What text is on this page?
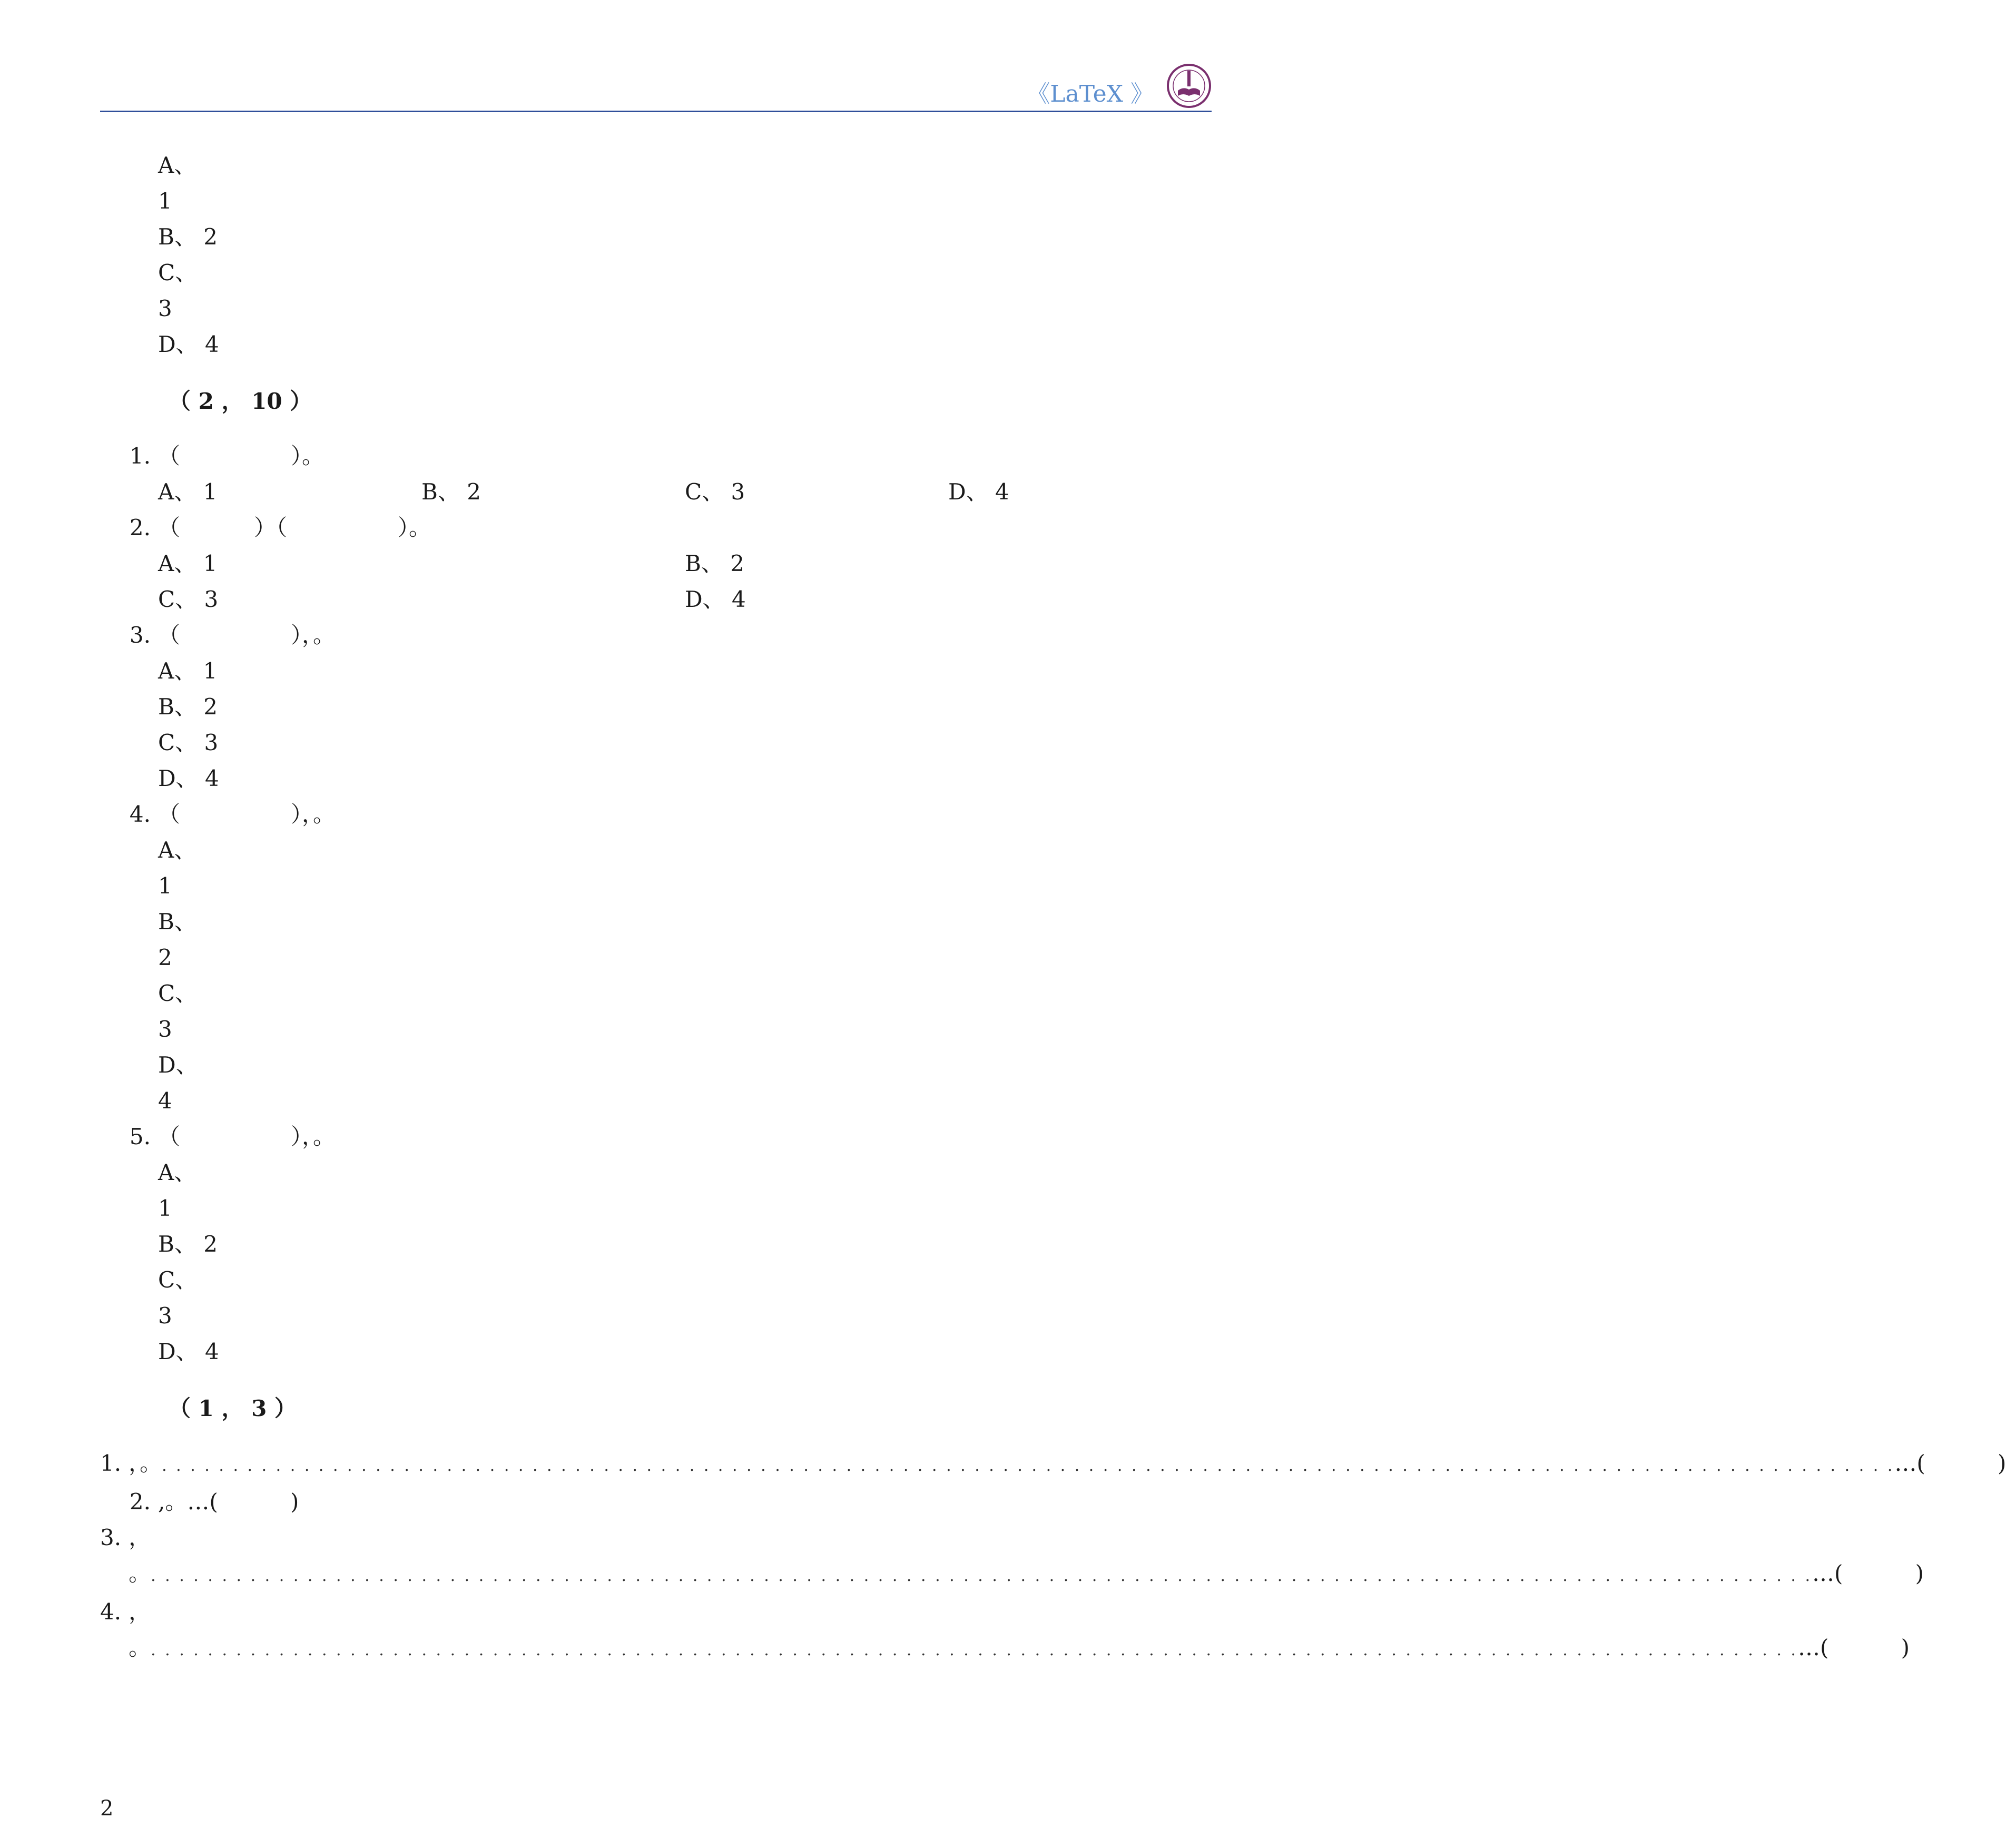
《LaTeX 》
A、
1
B、 2
C、
3
D、 4
（ 2 ， 10 ）
1. （	）。
A、 1	B、 2	C、 3	D、 4
2. （	）（	）。
A、 1	B、 2
C、 3	D、 4
3. （	），。
A、 1
B、 2
C、 3
D、 4
4. （	），。
A、
1
B、
2
C、
3
D、
4
5. （	），。
A、
1
B、 2
C、
3
D、 4
（ 1 ， 3 ）
1. ，。 . . . . . . . . . . . . . . . . . . . . . . . . . . . . . . . . . . . . . . . . . . . . . . . . . . . . . . . . . . . . . . . . . . . . . . . . . . . . . . . . . . . . . . . . . . . . . . . . . . . . . . . . . . . . . . . . . . . . . . . . . . … (	)
2. ,。 … (	)
3. ，
。 . . . . . . . . . . . . . . . . . . . . . . . . . . . . . . . . . . . . . . . . . . . . . . . . . . . . . . . . . . . . . . . . . . . . . . . . . . . . . . . . . . . . . . . . . . . . . . . . . . . . . . . . . . . . . . . . . . . . . … (	)
4. ，
。 . . . . . . . . . . . . . . . . . . . . . . . . . . . . . . . . . . . . . . . . . . . . . . . . . . . . . . . . . . . . . . . . . . . . . . . . . . . . . . . . . . . . . . . . . . . . . . . . . . . . . . . . . . . . . . . . . . . . … (	)
2
